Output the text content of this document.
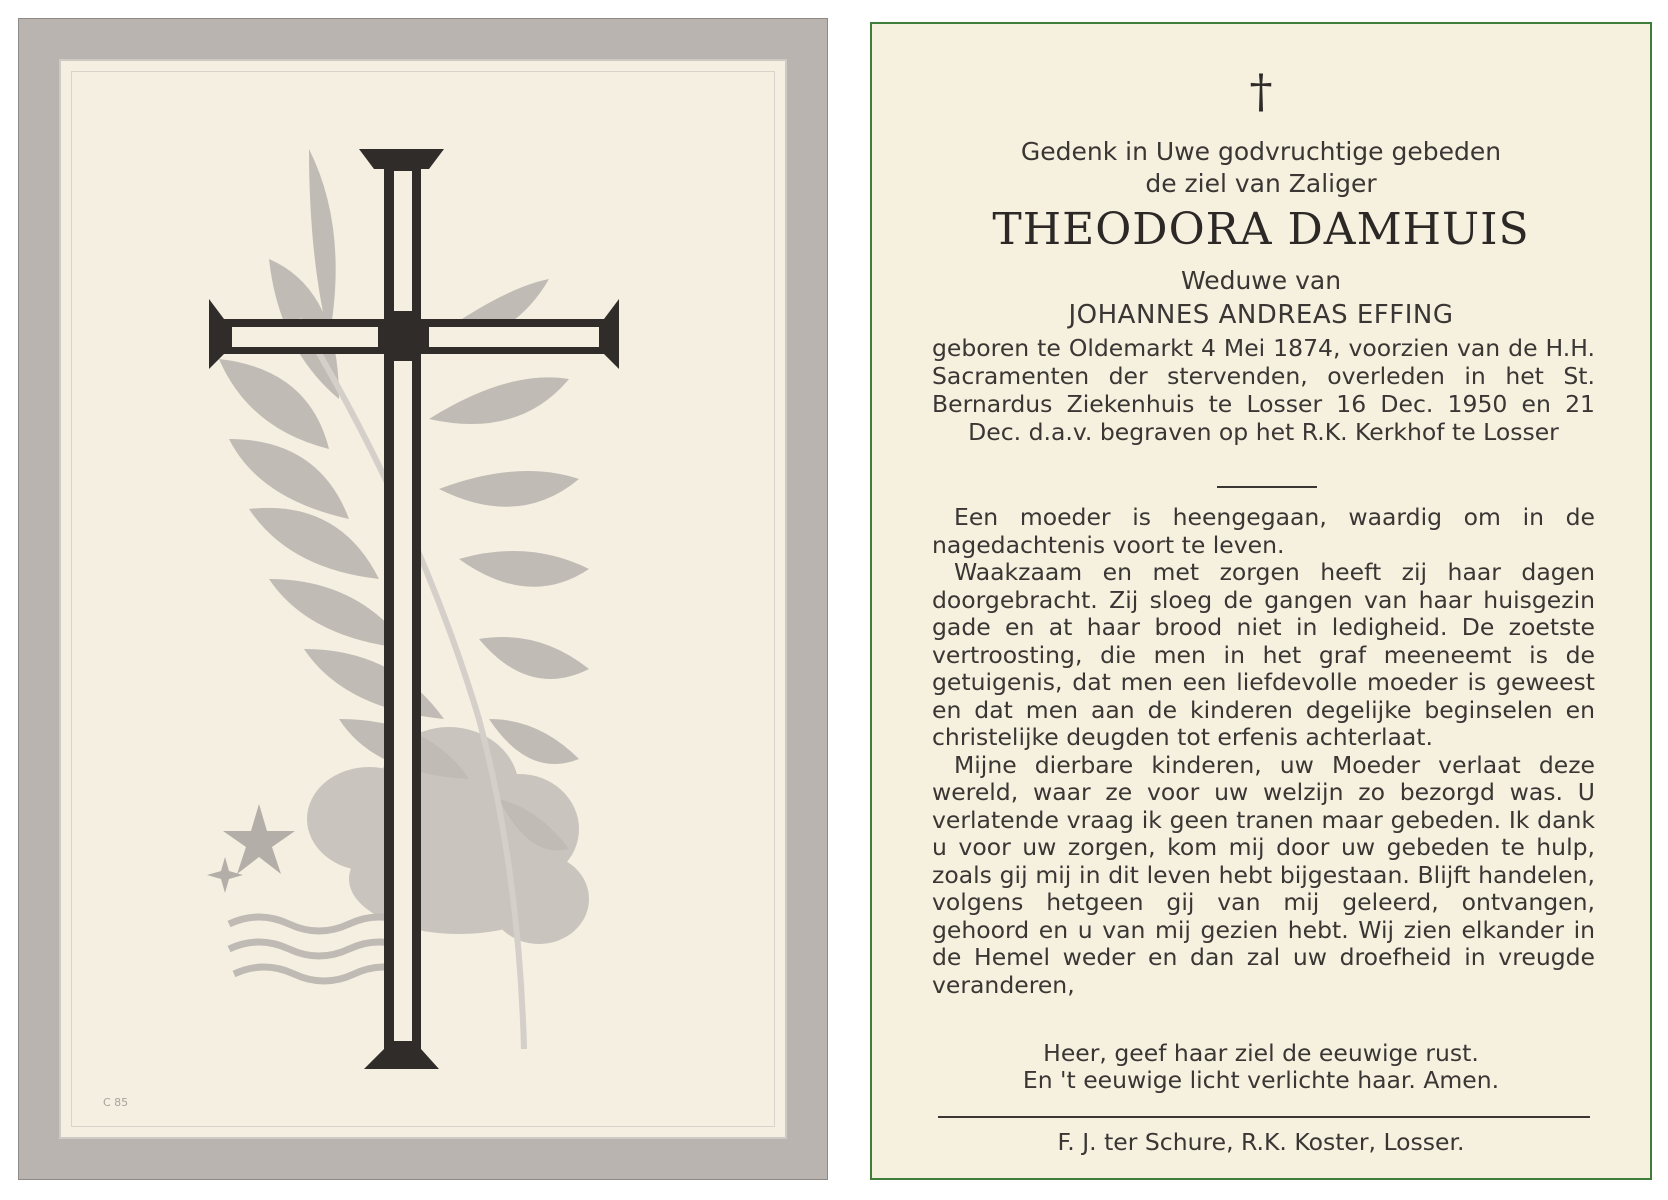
C 85
†
Gedenk in Uwe godvruchtige gebeden
de ziel van Zaliger
THEODORA DAMHUIS
Weduwe van
JOHANNES ANDREAS EFFING
geboren te Oldemarkt 4 Mei 1874, voorzien van de H.H. Sacramenten der stervenden, overleden in het St. Bernardus Ziekenhuis te Losser 16 Dec. 1950 en 21 Dec. d.a.v. begraven op het R.K. Kerkhof te Losser

Een moeder is heengegaan, waardig om in de nagedachtenis voort te leven.

Waakzaam en met zorgen heeft zij haar dagen doorgebracht. Zij sloeg de gangen van haar huisgezin gade en at haar brood niet in ledigheid. De zoetste vertroosting, die men in het graf meeneemt is de getuigenis, dat men een liefdevolle moeder is geweest en dat men aan de kinderen degelijke beginselen en christelijke deugden tot erfenis achterlaat.

Mijne dierbare kinderen, uw Moeder verlaat deze wereld, waar ze voor uw welzijn zo bezorgd was. U verlatende vraag ik geen tranen maar gebeden. Ik dank u voor uw zorgen, kom mij door uw gebeden te hulp, zoals gij mij in dit leven hebt bijgestaan. Blijft handelen, volgens hetgeen gij van mij geleerd, ontvangen, gehoord en u van mij gezien hebt. Wij zien elkander in de Hemel weder en dan zal uw droefheid in vreugde veranderen,

Heer, geef haar ziel de eeuwige rust.
En 't eeuwige licht verlichte haar. Amen.
F. J. ter Schure, R.K. Koster, Losser.
